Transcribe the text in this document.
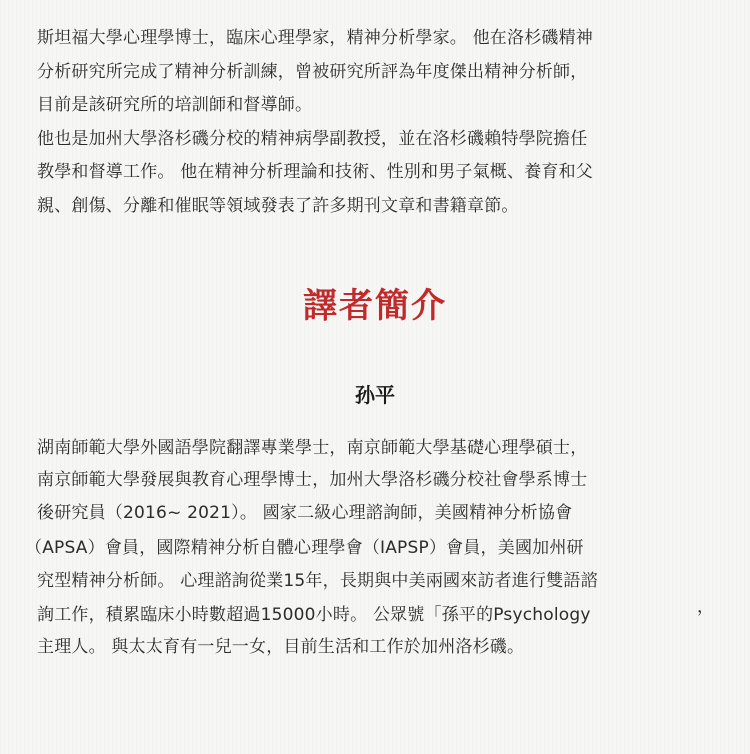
斯坦福大學心理學博士，臨床心理學家，精神分析學家。 他在洛杉磯精神
分析研究所完成了精神分析訓練，曾被研究所評為年度傑出精神分析師，
目前是該研究所的培訓師和督導師。
他也是加州大學洛杉磯分校的精神病學副教授，並在洛杉磯賴特學院擔任
教學和督導工作。 他在精神分析理論和技術、性別和男子氣概、養育和父
親、創傷、分離和催眠等領域發表了許多期刊文章和書籍章節。
譯者簡介
孙平
湖南師範大學外國語學院翻譯專業學士，南京師範大學基礎心理學碩士，
南京師範大學發展與教育心理學博士，加州大學洛杉磯分校社會學系博士
後研究員（2016~ 2021）。 國家二級心理諮詢師，美國精神分析協會
（APSA）會員，國際精神分析自體心理學會（IAPSP）會員，美國加州研
究型精神分析師。 心理諮詢從業15年，長期與中美兩國來訪者進行雙語諮
詢工作，積累臨床小時數超過15000小時。 公眾號「孫平的Psychology
主理人。 與太太育有一兒一女，目前生活和工作於加州洛杉磯。
，
